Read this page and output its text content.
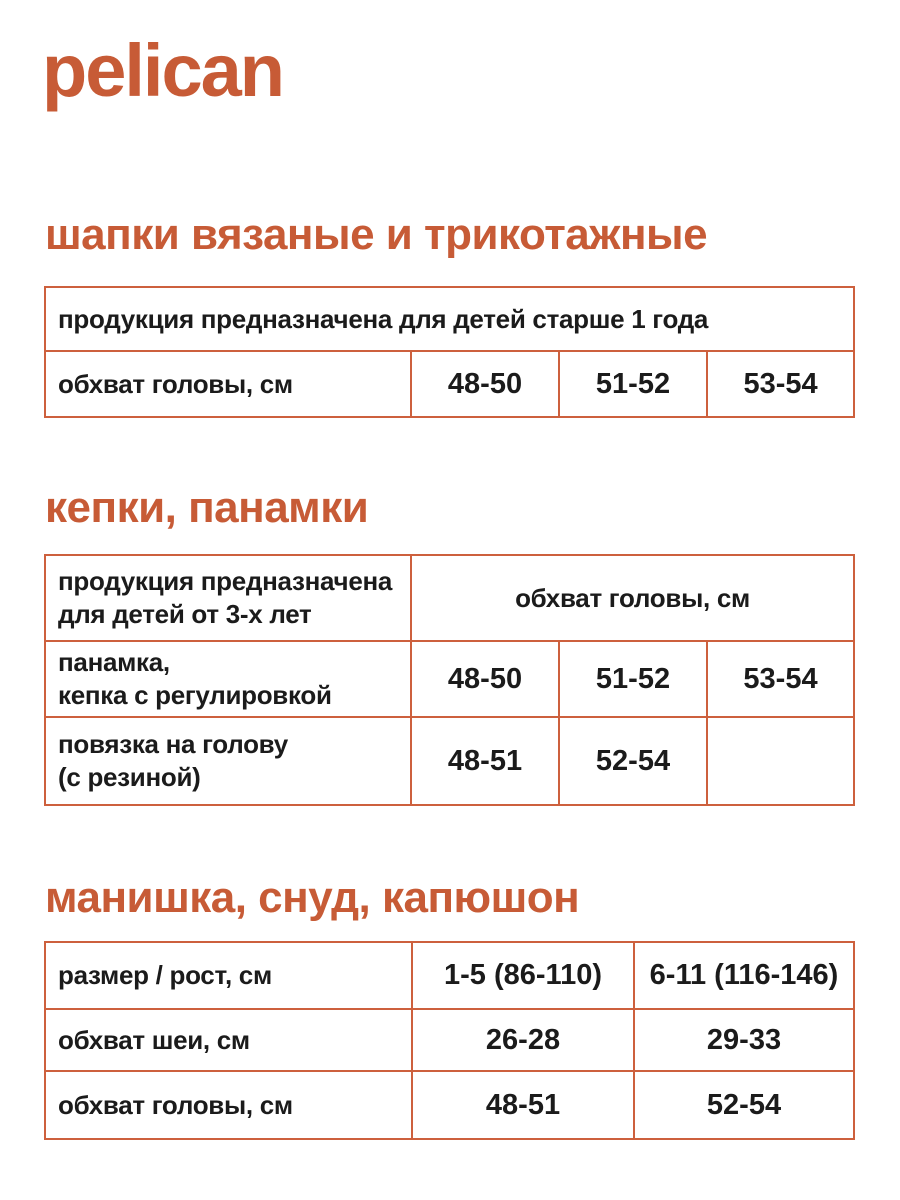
pelican
шапки вязаные и трикотажные
продукция предназначена для детей старше 1 года
обхват головы, см	48-50	51-52	53-54
кепки, панамки
продукция предназначена
для детей от 3-х лет	обхват головы, см		
панамка,
кепка с регулировкой	48-50	51-52	53-54
повязка на голову
(с резиной)	48-51	52-54	
манишка, снуд, капюшон
размер / рост, см	1-5 (86-110)	6-11 (116-146)
обхват шеи, см	26-28	29-33
обхват головы, см	48-51	52-54
